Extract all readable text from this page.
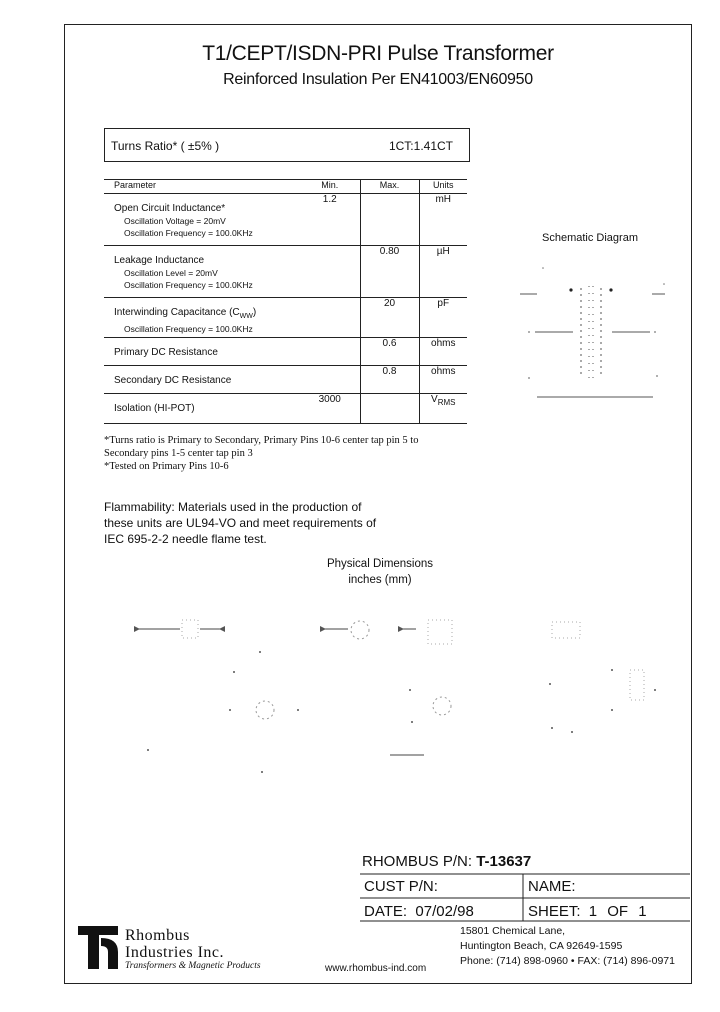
T1/CEPT/ISDN-PRI Pulse Transformer
Reinforced Insulation Per EN41003/EN60950
Turns Ratio* ( ±5% )	1CT:1.41CT
Parameter	Min.	Max.	Units

Open Circuit Inductance*
Oscillation Voltage = 20mV
Oscillation Frequency = 100.0KHz	1.2		mH

Leakage Inductance
Oscillation Level = 20mV
Oscillation Frequency = 100.0KHz		0.80	µH

Interwinding Capacitance $(C_{WW})$
Oscillation Frequency = 100.0KHz		20	pF

Primary DC Resistance		0.6	ohms

Secondary DC Resistance		0.8	ohms

Isolation (HI-POT)	3000		$V_{RMS}$
*Turns ratio is Primary to Secondary, Primary Pins 10-6 center tap pin 5 to
Secondary pins 1-5 center tap pin 3
*Tested on Primary Pins 10-6
Flammability: Materials used in the production of these units are UL94-VO and meet requirements of IEC 695-2-2 needle flame test.
Schematic Diagram
Physical Dimensions
inches (mm)
RHOMBUS P/N: T-13637
CUST P/N:
DATE: 07/02/98
NAME:
SHEET: 1 OF 1
Rhombus
Industries Inc.
Transformers & Magnetic Products
15801 Chemical Lane,
Huntington Beach, CA 92649-1595
Phone: (714) 898-0960 • FAX: (714) 896-0971
www.rhombus-ind.com
